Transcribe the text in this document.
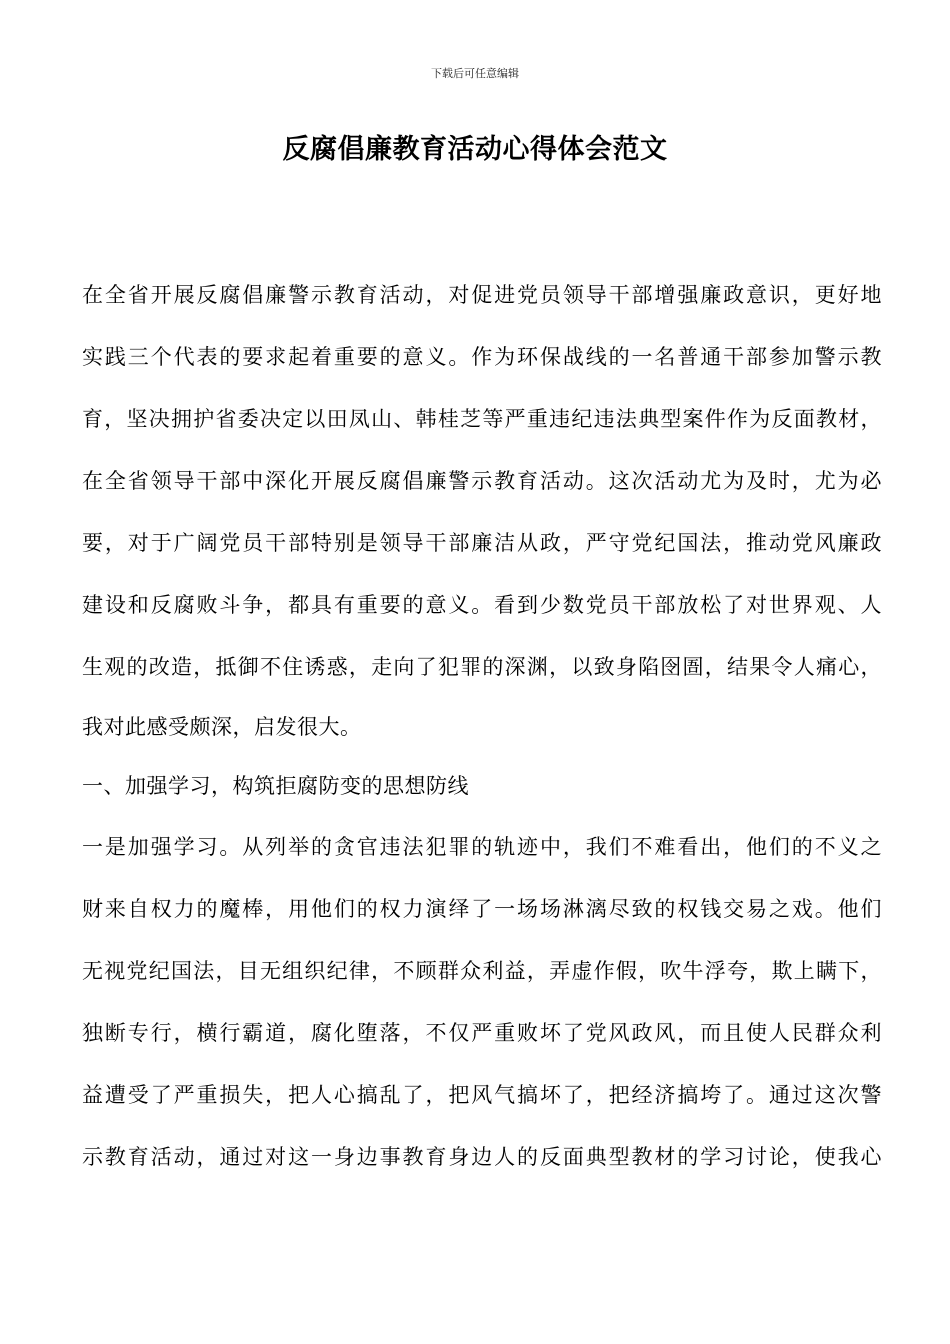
下载后可任意编辑
反腐倡廉教育活动心得体会范文
在全省开展反腐倡廉警示教育活动，对促进党员领导干部增强廉政意识，更好地
实践三个代表的要求起着重要的意义。作为环保战线的一名普通干部参加警示教
育，坚决拥护省委决定以田凤山、韩桂芝等严重违纪违法典型案件作为反面教材，
在全省领导干部中深化开展反腐倡廉警示教育活动。这次活动尤为及时，尤为必
要，对于广阔党员干部特别是领导干部廉洁从政，严守党纪国法，推动党风廉政
建设和反腐败斗争，都具有重要的意义。看到少数党员干部放松了对世界观、人
生观的改造，抵御不住诱惑，走向了犯罪的深渊，以致身陷囹圄，结果令人痛心，
我对此感受颇深，启发很大。
一、加强学习，构筑拒腐防变的思想防线
一是加强学习。从列举的贪官违法犯罪的轨迹中，我们不难看出，他们的不义之
财来自权力的魔棒，用他们的权力演绎了一场场淋漓尽致的权钱交易之戏。他们
无视党纪国法，目无组织纪律，不顾群众利益，弄虚作假，吹牛浮夸，欺上瞒下，
独断专行，横行霸道，腐化堕落，不仅严重败坏了党风政风，而且使人民群众利
益遭受了严重损失，把人心搞乱了，把风气搞坏了，把经济搞垮了。通过这次警
示教育活动，通过对这一身边事教育身边人的反面典型教材的学习讨论，使我心
